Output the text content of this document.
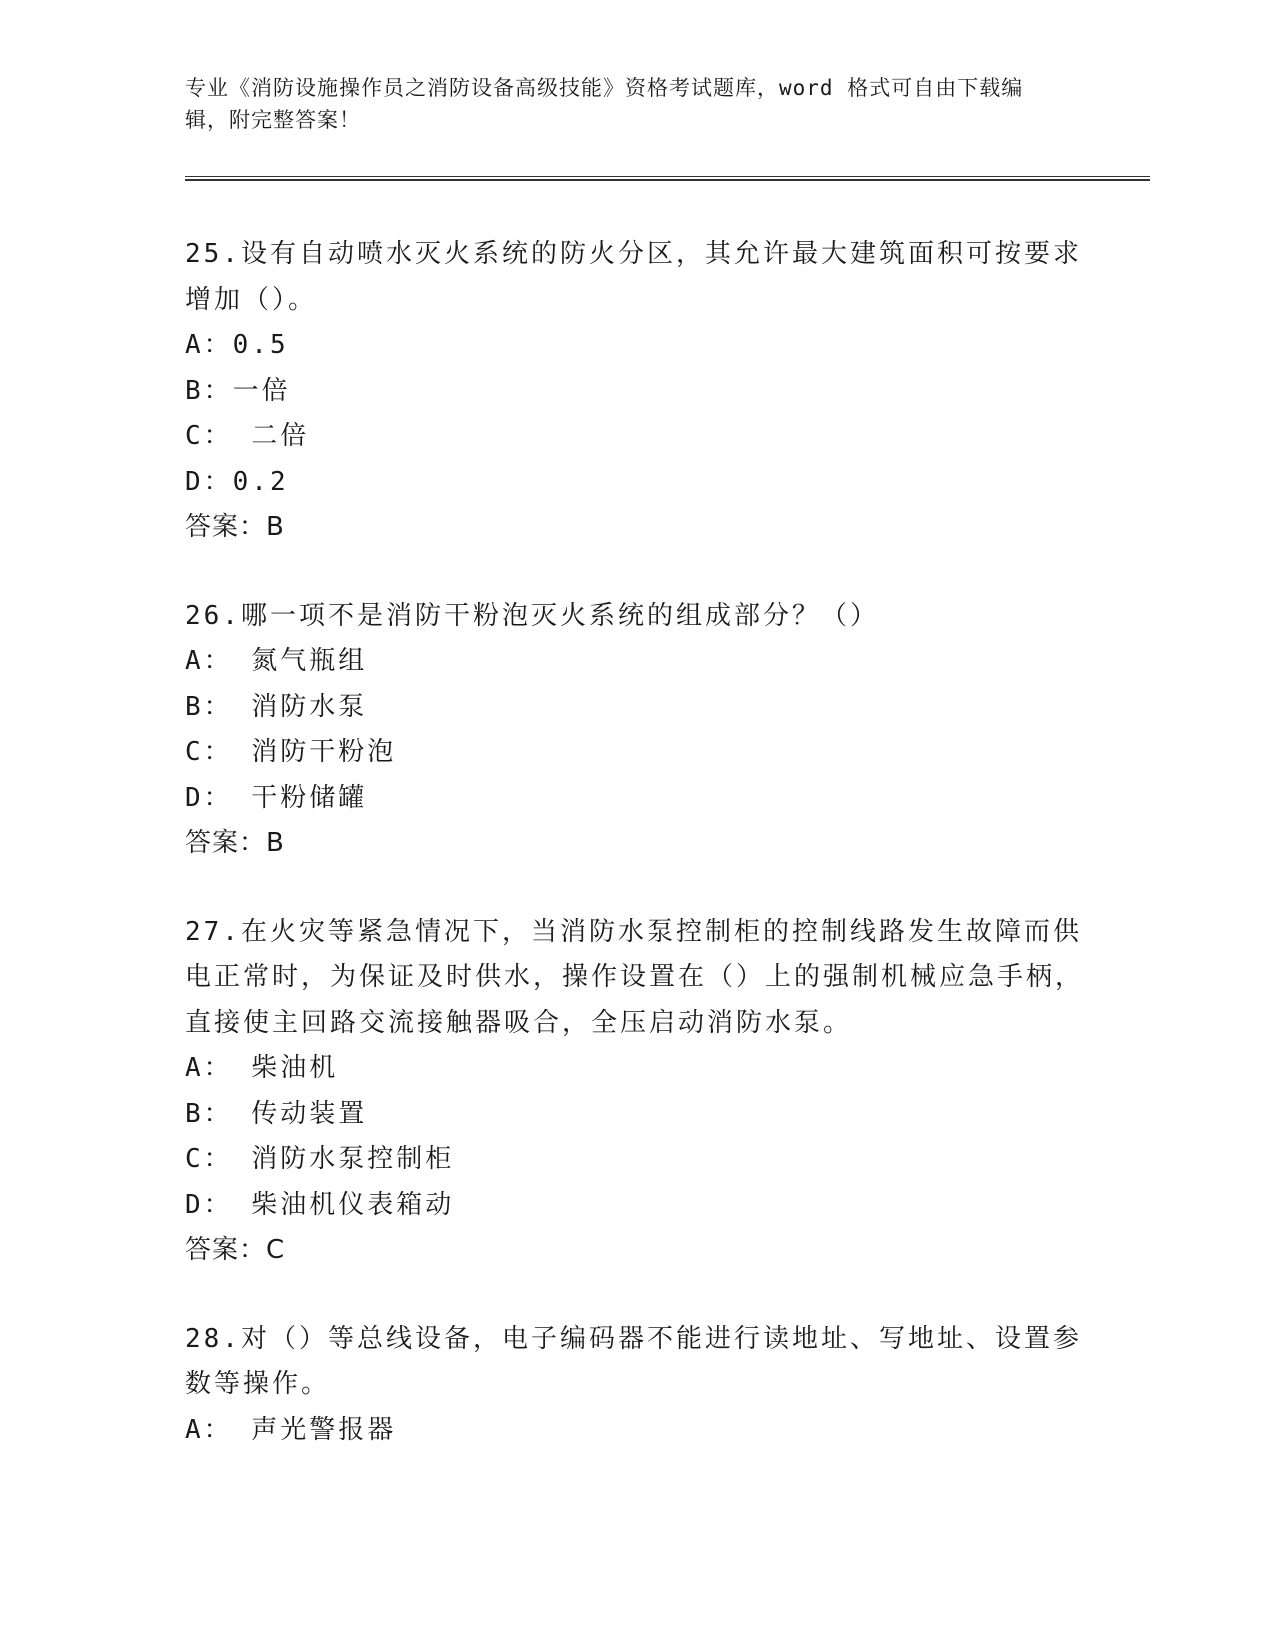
专业《消防设施操作员之消防设备高级技能》资格考试题库，word 格式可自由下载编辑，附完整答案！

25.设有自动喷水灭火系统的防火分区，其允许最大建筑面积可按要求增加（）。

A：0.5

B：一倍

C： 二倍

D：0.2

答案：B

26.哪一项不是消防干粉泡灭火系统的组成部分？（）

A： 氮气瓶组

B： 消防水泵

C： 消防干粉泡

D： 干粉储罐

答案：B

27.在火灾等紧急情况下，当消防水泵控制柜的控制线路发生故障而供电正常时，为保证及时供水，操作设置在（）上的强制机械应急手柄，直接使主回路交流接触器吸合，全压启动消防水泵。

A： 柴油机

B： 传动装置

C： 消防水泵控制柜

D： 柴油机仪表箱动

答案：C

28.对（）等总线设备，电子编码器不能进行读地址、写地址、设置参数等操作。

A： 声光警报器
